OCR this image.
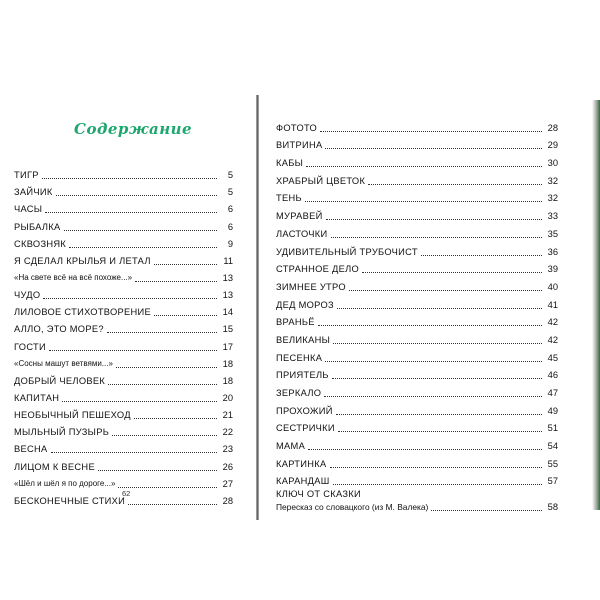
Содержание
ТИГР	5
ЗАЙЧИК	5
ЧАСЫ	6
РЫБАЛКА	6
СКВОЗНЯК	9
Я СДЕЛАЛ КРЫЛЬЯ И ЛЕТАЛ	11
«На свете всё на всё похоже...»	13
ЧУДО	13
ЛИЛОВОЕ СТИХОТВОРЕНИЕ	14
АЛЛО, ЭТО МОРЕ?	15
ГОСТИ	17
«Сосны машут ветвями...»	18
ДОБРЫЙ ЧЕЛОВЕК	18
КАПИТАН	20
НЕОБЫЧНЫЙ ПЕШЕХОД	21
МЫЛЬНЫЙ ПУЗЫРЬ	22
ВЕСНА	23
ЛИЦОМ К ВЕСНЕ	26
«Шёл и шёл я по дороге...»	27
БЕСКОНЕЧНЫЕ СТИХИ	28
62
ФОТОТО	28
ВИТРИНА	29
КАБЫ	30
ХРАБРЫЙ ЦВЕТОК	32
ТЕНЬ	32
МУРАВЕЙ	33
ЛАСТОЧКИ	35
УДИВИТЕЛЬНЫЙ ТРУБОЧИСТ	36
СТРАННОЕ ДЕЛО	39
ЗИМНЕЕ УТРО	40
ДЕД МОРОЗ	41
ВРАНЬЁ	42
ВЕЛИКАНЫ	42
ПЕСЕНКА	45
ПРИЯТЕЛЬ	46
ЗЕРКАЛО	47
ПРОХОЖИЙ	49
СЕСТРИЧКИ	51
МАМА	54
КАРТИНКА	55
КАРАНДАШ	57
КЛЮЧ ОТ СКАЗКИ
Пересказ со словацкого (из М. Валека)	58
